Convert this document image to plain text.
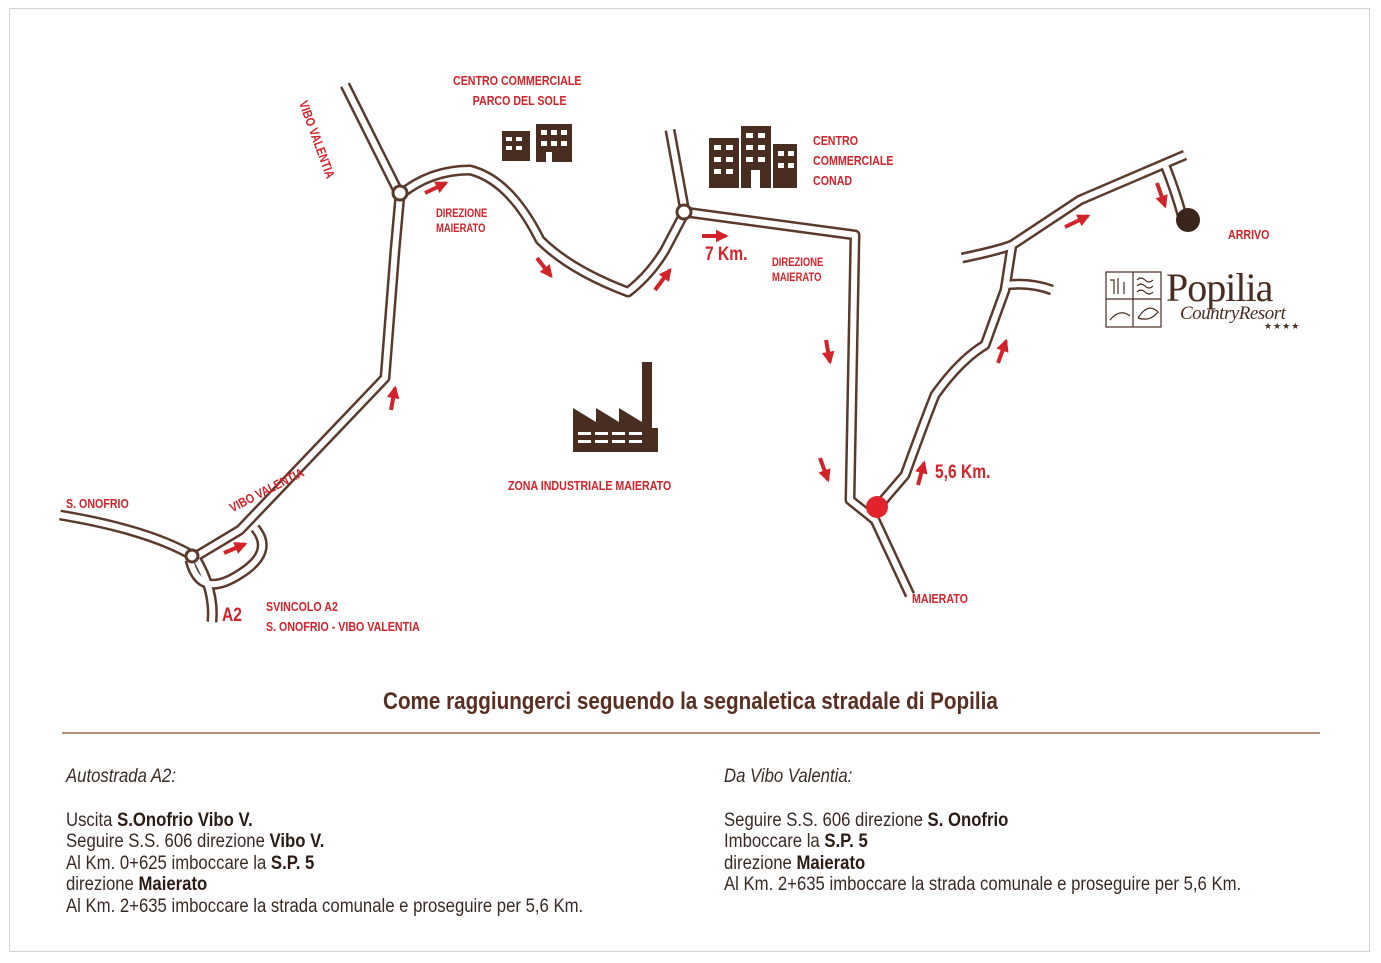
VIBO VALENTIA
VIBO VALENTIA
S. ONOFRIO
A2 SVINCOLO A2
S. ONOFRIO - VIBO VALENTIA
DIREZIONE
MAIERATO
DIREZIONE
MAIERATO
7 Km.
5,6 Km.
MAIERATO
ARRIVO
CENTRO COMMERCIALE
PARCO DEL SOLE
CENTRO
COMMERCIALE
CONAD
ZONA INDUSTRIALE MAIERATO
Popilia
CountryResort
★★★★
Come raggiungerci seguendo la segnaletica stradale di Popilia
Autostrada A2:
Uscita S.Onofrio Vibo V.
Seguire S.S. 606 direzione Vibo V.
Al Km. 0+625 imboccare la S.P. 5
direzione Maierato
Al Km. 2+635 imboccare la strada comunale e proseguire per 5,6 Km.
Da Vibo Valentia:
Seguire S.S. 606 direzione S. Onofrio
Imboccare la S.P. 5
direzione Maierato
Al Km. 2+635 imboccare la strada comunale e proseguire per 5,6 Km.
